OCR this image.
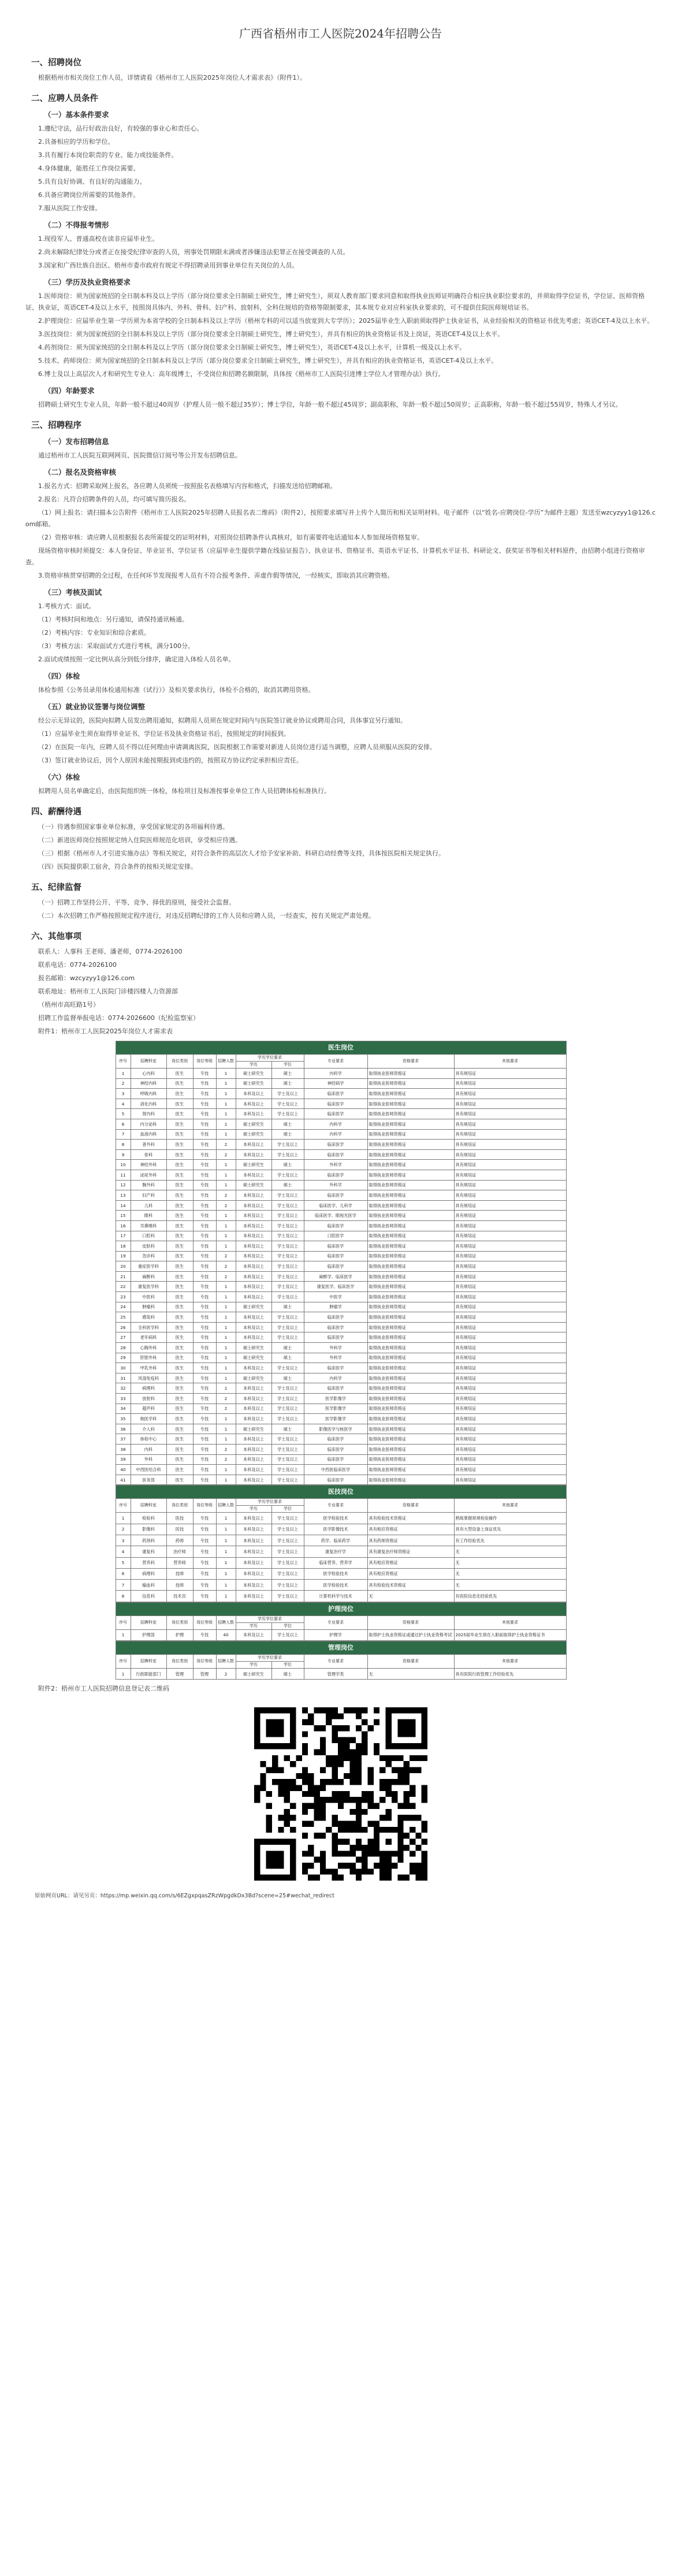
广西省梧州市工人医院2024年招聘公告
一、招聘岗位
根据梧州市相关岗位工作人员，详情请看《梧州市工人医院2025年岗位人才需求表》（附件1）。
二、应聘人员条件
（一）基本条件要求
1.遵纪守法，品行好政治良好，有较强的事业心和责任心。
2.具备相应的学历和学位。
3.具有履行本岗位职责的专业、能力或技能条件。
4.身体健康，能胜任工作岗位需要。
5.具有良好协调、有良好的沟通能力。
6.具备应聘岗位所需要的其他条件。
7.服从医院工作安排。
（二）不得报考情形
1.现役军人、普通高校在读非应届毕业生。
2.尚未解除纪律处分或者正在接受纪律审查的人员，刑事处罚期限未满或者涉嫌违法犯罪正在接受调查的人员。
3.国家和广西壮族自治区、梧州市委市政府有规定不得招聘录用到事业单位有关岗位的人员。
（三）学历及执业资格要求
1.医师岗位：须为国家统招的全日制本科及以上学历（部分岗位要求全日制硕士研究生，博士研究生），须双人教育部门要求同意和取得执业医师证明确符合相应执业职位要求的，并须取得学位证书，学位证、医师资格证、执业证，英语CET-4及以上水平，按照岗具体内、外科、骨科、妇产科、放射科，全科住规培的资格等限制要求，其本规专业对应科室执业要求的，可不提供住院医师规培证书。
2.护理岗位：应届毕业生第一学历须为本省学校的全日制本科及以上学历（梧州专科的可以适当放宽到大专学历）；2025届毕业生入职前须取得护士执业证书，从业经验相关的资格证书优先考虑；英语CET-4及以上水平。
3.医技岗位：须为国家统招的全日制本科及以上学历（部分岗位要求全日制硕士研究生，博士研究生），并具有相应的执业资格证书及上岗证，英语CET-4及以上水平。
4.药剂岗位：须为国家统招的全日制本科及以上学历（部分岗位要求全日制硕士研究生，博士研究生），英语CET-4及以上水平，计算机一级及以上水平。
5.技术、药师岗位：须为国家统招的全日制本科及以上学历（部分岗位要求全日制硕士研究生，博士研究生），并具有相应的执业资格证书，英语CET-4及以上水平。
6.博士及以上高层次人才和研究生专业人：高年级博士，不受岗位和招聘名额限制，具体按《梧州市工人医院引进博士学位人才管理办法》执行。
（四）年龄要求
招聘硕士研究生专业人员，年龄一般不超过40周岁（护理人员一般不超过35岁）；博士学位，年龄一般不超过45周岁；副高职称，年龄一般不超过50周岁；正高职称，年龄一般不超过55周岁，特殊人才另议。
三、招聘程序
（一）发布招聘信息
通过梧州市工人医院互联网网页、医院微信订阅号等公开发布招聘信息。
（二）报名及资格审核
1.报名方式：招聘采取网上报名，各应聘人员须统一按照报名表格填写内容和格式，扫描发送给招聘邮箱。
2.报名：凡符合招聘条件的人员，均可填写简历报名。
（1）网上报名：请扫描本公告附件《梧州市工人医院2025年招聘人员报名表二维码》（附件2），按照要求填写并上传个人简历和相关证明材料。电子邮件（以“姓名-应聘岗位-学历”为邮件主题）发送至wzcyzyy1@126.com邮箱。
（2）资格审核：请应聘人员根据报名表所需提交的证明材料，对照岗位招聘条件认真核对，如有需要将电话通知本人参加现场资格复审。
现场资格审核时须提交：本人身份证、毕业证书、学位证书（应届毕业生提供学籍在线验证报告）、执业证书、资格证书、英语水平证书、计算机水平证书、科研论文、获奖证书等相关材料原件，由招聘小组进行资格审查。
3.资格审核贯穿招聘的全过程，在任何环节发现报考人员有不符合报考条件、弄虚作假等情况，一经核实，即取消其应聘资格。
（三）考核及面试
1.考核方式：面试。
（1）考核时间和地点：另行通知，请保持通讯畅通。
（2）考核内容：专业知识和综合素质。
（3）考核方法：采取面试方式进行考核，满分100分。
2.面试成绩按照一定比例从高分到低分排序，确定进入体检人员名单。
（四）体检
体检参照《公务员录用体检通用标准（试行）》及相关要求执行，体检不合格的，取消其聘用资格。
（五）就业协议签署与岗位调整
经公示无异议的，医院向拟聘人员发出聘用通知，拟聘用人员须在规定时间内与医院签订就业协议或聘用合同，具体事宜另行通知。
（1）应届毕业生须在取得毕业证书、学位证书及执业资格证书后，按照规定的时间报到。
（2）在医院一年内，应聘人员不得以任何理由申请调离医院，医院根据工作需要对新进人员岗位进行适当调整，应聘人员须服从医院的安排。
（3）签订就业协议后，因个人原因未能按期报到或违约的，按照双方协议约定承担相应责任。
（六）体检
拟聘用人员名单确定后，由医院组织统一体检，体检项目及标准按事业单位工作人员招聘体检标准执行。
四、薪酬待遇
（一）待遇参照国家事业单位标准，享受国家规定的各项福利待遇。
（二）新进医师岗位按照规定纳入住院医师规范化培训，享受相应待遇。
（三）根据《梧州市人才引进实施办法》等相关规定，对符合条件的高层次人才给予安家补助、科研启动经费等支持，具体按医院相关规定执行。
（四）医院提供职工宿舍，符合条件的按相关规定安排。
五、纪律监督
（一）招聘工作坚持公开、平等、竞争、择优的原则，接受社会监督。
（二）本次招聘工作严格按照规定程序进行，对违反招聘纪律的工作人员和应聘人员，一经查实，按有关规定严肃处理。
六、其他事项
联系人：人事科 王老师、潘老师，0774-2026100
联系电话：0774-2026100
报名邮箱：wzcyzyy1@126.com
联系地址：梧州市工人医院门诊楼四楼人力资源部
（梧州市高旺路1号）
招聘工作监督举报电话：0774-2026600（纪检监察室）
附件1：梧州市工人医院2025年岗位人才需求表
医生岗位									
序号	招聘科室	岗位类别	岗位等级	招聘人数	学历学位要求		专业要求	资格要求	其他要求
					学历	学位			
1	心内科	医生	专技	1	硕士研究生	硕士	内科学	取得执业医师资格证	具有规培证
2	神经内科	医生	专技	1	硕士研究生	硕士	神经病学	取得执业医师资格证	具有规培证
3	呼吸内科	医生	专技	1	本科及以上	学士及以上	临床医学	取得执业医师资格证	具有规培证
4	消化内科	医生	专技	1	本科及以上	学士及以上	临床医学	取得执业医师资格证	具有规培证
5	肾内科	医生	专技	1	本科及以上	学士及以上	临床医学	取得执业医师资格证	具有规培证
6	内分泌科	医生	专技	1	硕士研究生	硕士	内科学	取得执业医师资格证	具有规培证
7	血液内科	医生	专技	1	硕士研究生	硕士	内科学	取得执业医师资格证	具有规培证
8	普外科	医生	专技	2	本科及以上	学士及以上	临床医学	取得执业医师资格证	具有规培证
9	骨科	医生	专技	2	本科及以上	学士及以上	临床医学	取得执业医师资格证	具有规培证
10	神经外科	医生	专技	1	硕士研究生	硕士	外科学	取得执业医师资格证	具有规培证
11	泌尿外科	医生	专技	1	本科及以上	学士及以上	临床医学	取得执业医师资格证	具有规培证
12	胸外科	医生	专技	1	硕士研究生	硕士	外科学	取得执业医师资格证	具有规培证
13	妇产科	医生	专技	2	本科及以上	学士及以上	临床医学	取得执业医师资格证	具有规培证
14	儿科	医生	专技	2	本科及以上	学士及以上	临床医学、儿科学	取得执业医师资格证	具有规培证
15	眼科	医生	专技	1	本科及以上	学士及以上	临床医学、眼视光医学	取得执业医师资格证	具有规培证
16	耳鼻喉科	医生	专技	1	本科及以上	学士及以上	临床医学	取得执业医师资格证	具有规培证
17	口腔科	医生	专技	1	本科及以上	学士及以上	口腔医学	取得执业医师资格证	具有规培证
18	皮肤科	医生	专技	1	本科及以上	学士及以上	临床医学	取得执业医师资格证	具有规培证
19	急诊科	医生	专技	2	本科及以上	学士及以上	临床医学	取得执业医师资格证	具有规培证
20	重症医学科	医生	专技	2	本科及以上	学士及以上	临床医学	取得执业医师资格证	具有规培证
21	麻醉科	医生	专技	2	本科及以上	学士及以上	麻醉学、临床医学	取得执业医师资格证	具有规培证
22	康复医学科	医生	专技	1	本科及以上	学士及以上	康复医学、临床医学	取得执业医师资格证	具有规培证
23	中医科	医生	专技	1	本科及以上	学士及以上	中医学	取得执业医师资格证	具有规培证
24	肿瘤科	医生	专技	1	硕士研究生	硕士	肿瘤学	取得执业医师资格证	具有规培证
25	感染科	医生	专技	1	本科及以上	学士及以上	临床医学	取得执业医师资格证	具有规培证
26	全科医学科	医生	专技	1	本科及以上	学士及以上	临床医学	取得执业医师资格证	具有规培证
27	老年病科	医生	专技	1	本科及以上	学士及以上	临床医学	取得执业医师资格证	具有规培证
28	心胸外科	医生	专技	1	硕士研究生	硕士	外科学	取得执业医师资格证	具有规培证
29	肝胆外科	医生	专技	1	硕士研究生	硕士	外科学	取得执业医师资格证	具有规培证
30	甲乳外科	医生	专技	1	本科及以上	学士及以上	临床医学	取得执业医师资格证	具有规培证
31	风湿免疫科	医生	专技	1	硕士研究生	硕士	内科学	取得执业医师资格证	具有规培证
32	病理科	医生	专技	1	本科及以上	学士及以上	临床医学	取得执业医师资格证	具有规培证
33	放射科	医生	专技	2	本科及以上	学士及以上	医学影像学	取得执业医师资格证	具有规培证
34	超声科	医生	专技	2	本科及以上	学士及以上	医学影像学	取得执业医师资格证	具有规培证
35	核医学科	医生	专技	1	本科及以上	学士及以上	医学影像学	取得执业医师资格证	具有规培证
36	介入科	医生	专技	1	硕士研究生	硕士	影像医学与核医学	取得执业医师资格证	具有规培证
37	体检中心	医生	专技	1	本科及以上	学士及以上	临床医学	取得执业医师资格证	具有规培证
38	内科	医生	专技	2	本科及以上	学士及以上	临床医学	取得执业医师资格证	具有规培证
39	外科	医生	专技	2	本科及以上	学士及以上	临床医学	取得执业医师资格证	具有规培证
40	中西医结合科	医生	专技	1	本科及以上	学士及以上	中西医临床医学	取得执业医师资格证	具有规培证
41	医务部	医生	专技	1	本科及以上	学士及以上	临床医学	取得执业医师资格证	具有规培证
医技岗位									
序号	招聘科室	岗位类别	岗位等级	招聘人数	学历学位要求		专业要求	资格要求	其他要求
					学历	学位			
1	检验科	医技	专技	1	本科及以上	学士及以上	医学检验技术	具有检验技术资格证	熟练掌握常规检验操作
2	影像科	医技	专技	1	本科及以上	学士及以上	医学影像技术	具有相应资格证	具有大型设备上岗证优先
3	药剂科	药师	专技	1	本科及以上	学士及以上	药学、临床药学	具有药师资格证	有工作经验优先
4	康复科	治疗师	专技	1	本科及以上	学士及以上	康复治疗学	具有康复治疗师资格证	无
5	营养科	营养师	专技	1	本科及以上	学士及以上	临床营养、营养学	具有相应资格证	无
6	病理科	技师	专技	1	本科及以上	学士及以上	医学检验技术	具有相应资格证	无
7	输血科	技师	专技	1	本科及以上	学士及以上	医学检验技术	具有检验技术资格证	无
8	信息科	技术员	专技	1	本科及以上	学士及以上	计算机科学与技术	无	有医院信息化经验优先
护理岗位									
序号	招聘科室	岗位类别	岗位等级	招聘人数	学历学位要求		专业要求	资格要求	其他要求
					学历	学位			
1	护理部	护理	专技	40	本科及以上	学士及以上	护理学	取得护士执业资格证或通过护士执业资格考试	2025届毕业生须在入职前取得护士执业资格证书
管理岗位									
序号	招聘科室	岗位类别	岗位等级	招聘人数	学历学位要求		专业要求	资格要求	其他要求
					学历	学位			
1	行政职能部门	管理	管理	2	硕士研究生	硕士	管理学类	无	具有医院行政管理工作经验优先
附件2：梧州市工人医院招聘信息登记表二维码
原始网页URL：请见另页：https://mp.weixin.qq.com/s/6EZgxpqasZRzWpgdkDx3Bd?scene=25#wechat_redirect
